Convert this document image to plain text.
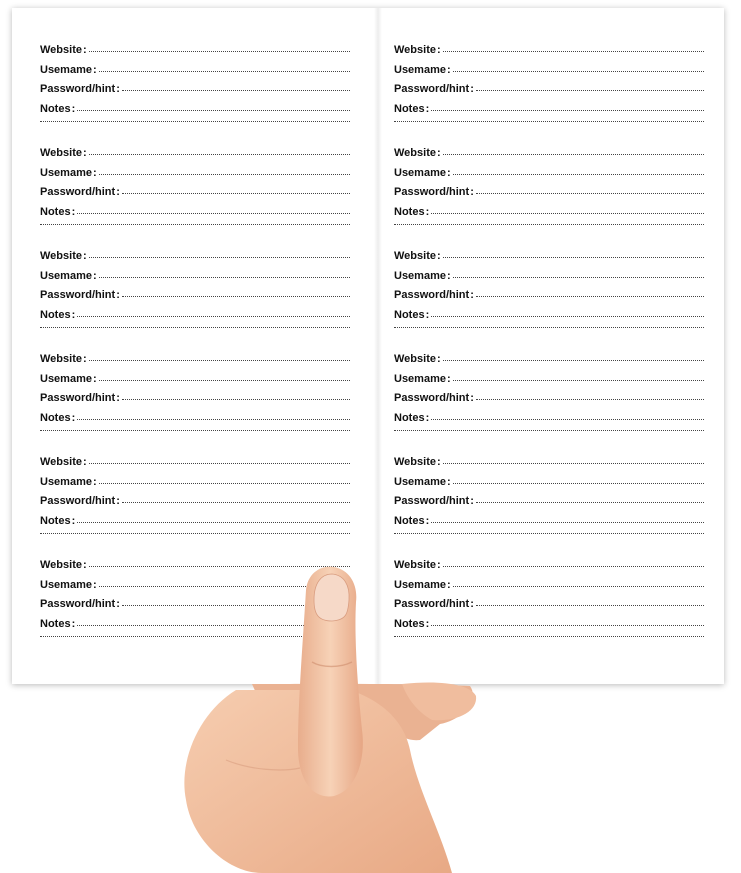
Website :
Usemame :
Password/hint :
Notes :
Website :
Usemame :
Password/hint :
Notes :
Website :
Usemame :
Password/hint :
Notes :
Website :
Usemame :
Password/hint :
Notes :
Website :
Usemame :
Password/hint :
Notes :
Website :
Usemame :
Password/hint :
Notes :
Website :
Usemame :
Password/hint :
Notes :
Website :
Usemame :
Password/hint :
Notes :
Website :
Usemame :
Password/hint :
Notes :
Website :
Usemame :
Password/hint :
Notes :
Website :
Usemame :
Password/hint :
Notes :
Website :
Usemame :
Password/hint :
Notes :
